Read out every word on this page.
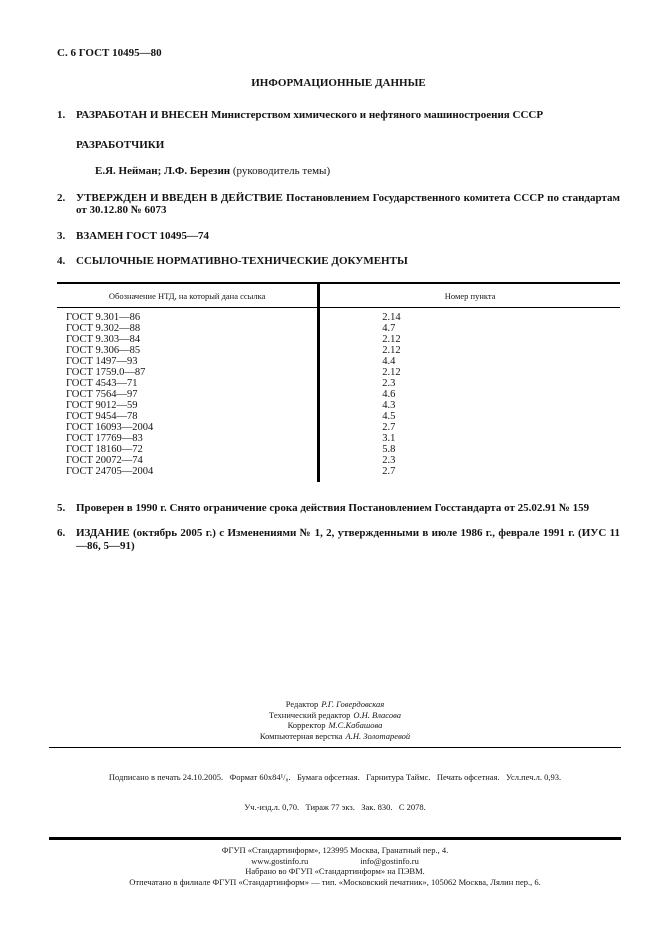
С. 6 ГОСТ 10495—80
ИНФОРМАЦИОННЫЕ ДАННЫЕ
1. РАЗРАБОТАН И ВНЕСЕН Министерством химического и нефтяного машиностроения СССР
РАЗРАБОТЧИКИ
Е.Я. Нейман; Л.Ф. Березин (руководитель темы)
2. УТВЕРЖДЕН И ВВЕДЕН В ДЕЙСТВИЕ Постановлением Государственного комитета СССР по стандартам от 30.12.80 № 6073
3. ВЗАМЕН ГОСТ 10495—74
4. ССЫЛОЧНЫЕ НОРМАТИВНО-ТЕХНИЧЕСКИЕ ДОКУМЕНТЫ
Обозначение НТД, на который дана ссылка	Номер пункта
ГОСТ 9.301—86	2.14
ГОСТ 9.302—88	4.7
ГОСТ 9.303—84	2.12
ГОСТ 9.306—85	2.12
ГОСТ 1497—93	4.4
ГОСТ 1759.0—87	2.12
ГОСТ 4543—71	2.3
ГОСТ 7564—97	4.6
ГОСТ 9012—59	4.3
ГОСТ 9454—78	4.5
ГОСТ 16093—2004	2.7
ГОСТ 17769—83	3.1
ГОСТ 18160—72	5.8
ГОСТ 20072—74	2.3
ГОСТ 24705—2004	2.7
5. Проверен в 1990 г. Снято ограничение срока действия Постановлением Госстандарта от 25.02.91 № 159
6. ИЗДАНИЕ (октябрь 2005 г.) с Изменениями № 1, 2, утвержденными в июле 1986 г., феврале 1991 г. (ИУС 11—86, 5—91)
Редактор Р.Г. Говердовская
Технический редактор О.Н. Власова
Корректор М.С.Кабашова
Компьютерная верстка А.Н. Золотаревой

Подписано в печать 24.10.2005.   Формат 60х84¹/₈.   Бумага офсетная.   Гарнитура Таймс.   Печать офсетная.   Усл.печ.л. 0,93.

Уч.-изд.л. 0,70.   Тираж 77 экз.   Зак. 830.   С 2078.

ФГУП «Стандартинформ», 123995 Москва, Гранатный пер., 4.
www.gostinfo.ru	info@gostinfo.ru
Набрано во ФГУП «Стандартинформ» на ПЭВМ.
Отпечатано в филиале ФГУП «Стандартинформ» — тип. «Московский печатник», 105062 Москва, Лялин пер., 6.
